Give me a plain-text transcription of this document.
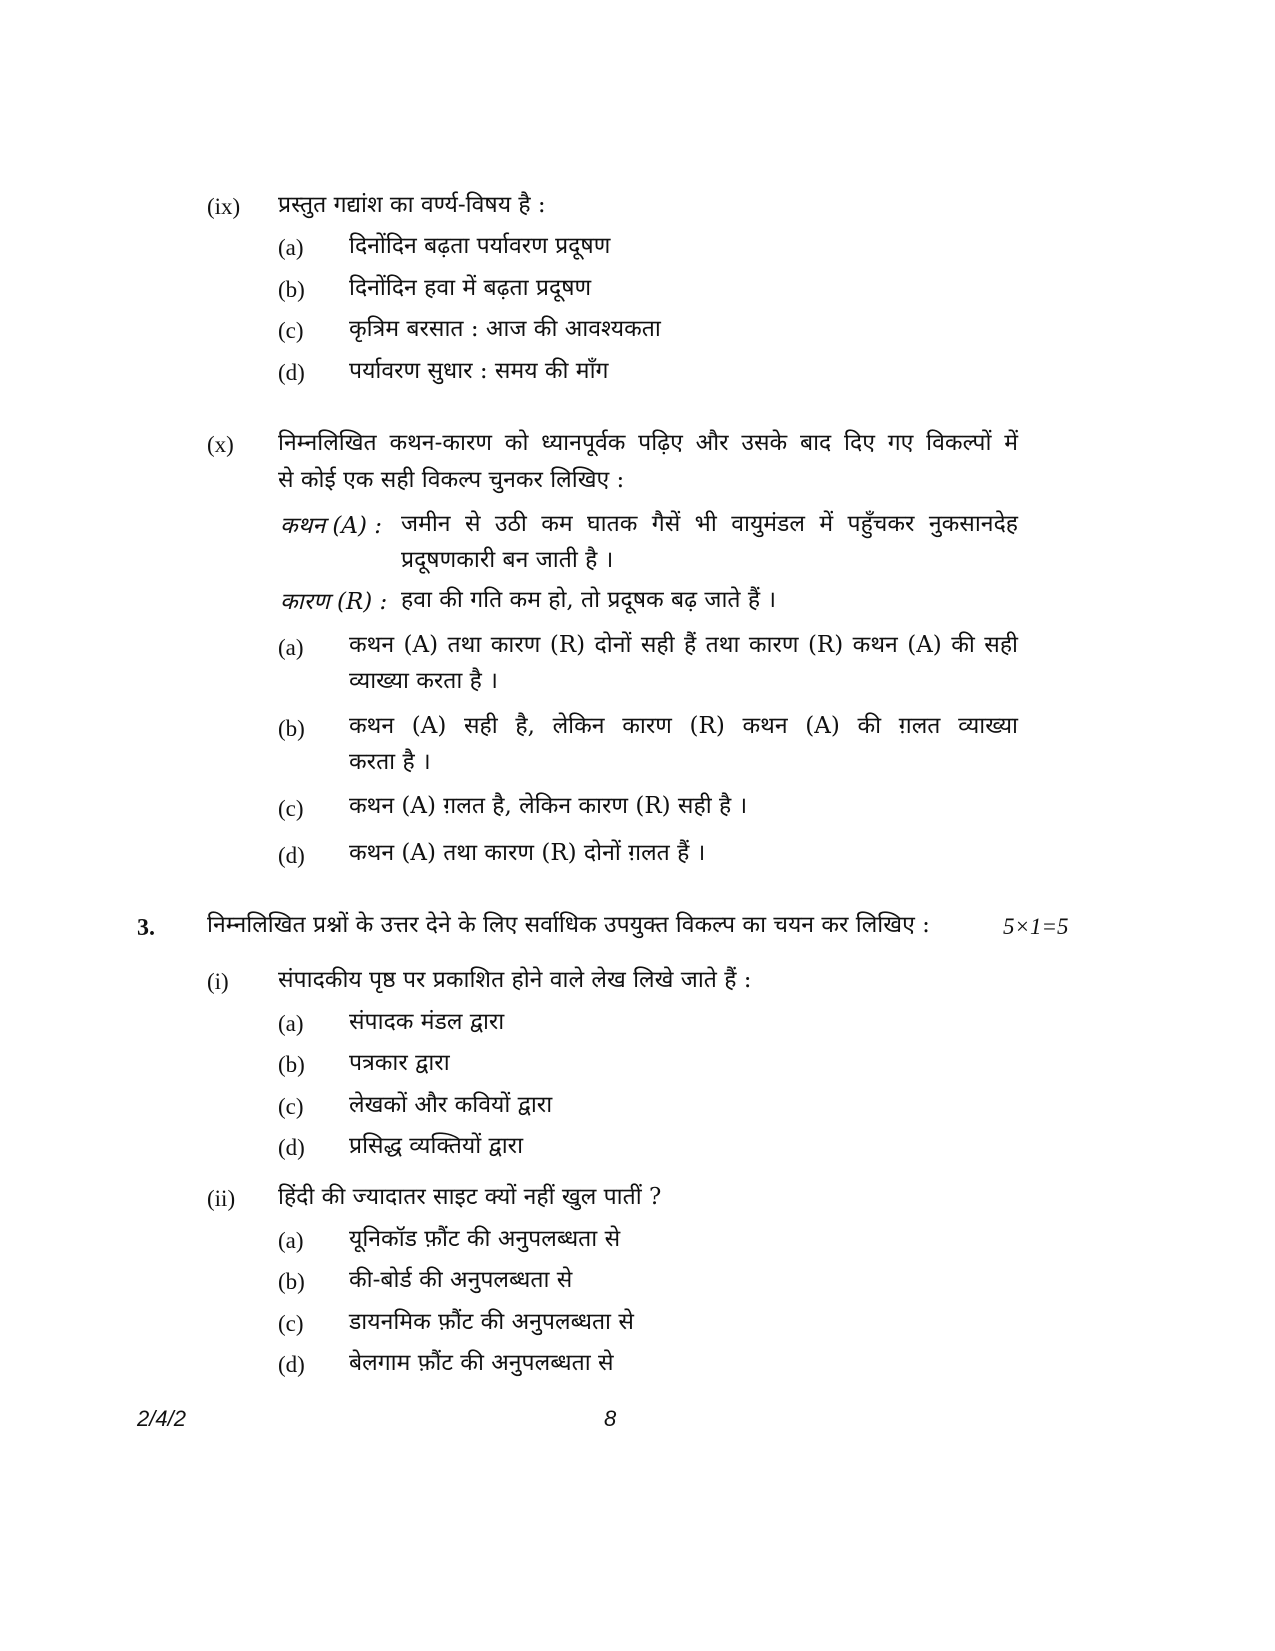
(ix) प्रस्तुत गद्यांश का वर्ण्य-विषय है :
(a) दिनोंदिन बढ़ता पर्यावरण प्रदूषण
(b) दिनोंदिन हवा में बढ़ता प्रदूषण
(c) कृत्रिम बरसात : आज की आवश्यकता
(d) पर्यावरण सुधार : समय की माँग
(x) निम्नलिखित कथन-कारण को ध्यानपूर्वक पढ़िए और उसके बाद दिए गए विकल्पों में
से कोई एक सही विकल्प चुनकर लिखिए :
कथन (A) : जमीन से उठी कम घातक गैसें भी वायुमंडल में पहुँचकर नुकसानदेह
प्रदूषणकारी बन जाती है ।
कारण (R) : हवा की गति कम हो, तो प्रदूषक बढ़ जाते हैं ।
(a) कथन (A) तथा कारण (R) दोनों सही हैं तथा कारण (R) कथन (A) की सही
व्याख्या करता है ।
(b) कथन (A) सही है, लेकिन कारण (R) कथन (A) की ग़लत व्याख्या
करता है ।
(c) कथन (A) ग़लत है, लेकिन कारण (R) सही है ।
(d) कथन (A) तथा कारण (R) दोनों ग़लत हैं ।
3. निम्नलिखित प्रश्नों के उत्तर देने के लिए सर्वाधिक उपयुक्त विकल्प का चयन कर लिखिए :	5×1=5
(i) संपादकीय पृष्ठ पर प्रकाशित होने वाले लेख लिखे जाते हैं :
(a) संपादक मंडल द्वारा
(b) पत्रकार द्वारा
(c) लेखकों और कवियों द्वारा
(d) प्रसिद्ध व्यक्तियों द्वारा
(ii) हिंदी की ज्यादातर साइट क्यों नहीं खुल पातीं ?
(a) यूनिकॉड फ़ौंट की अनुपलब्धता से
(b) की-बोर्ड की अनुपलब्धता से
(c) डायनमिक फ़ौंट की अनुपलब्धता से
(d) बेलगाम फ़ौंट की अनुपलब्धता से
2/4/2	8
